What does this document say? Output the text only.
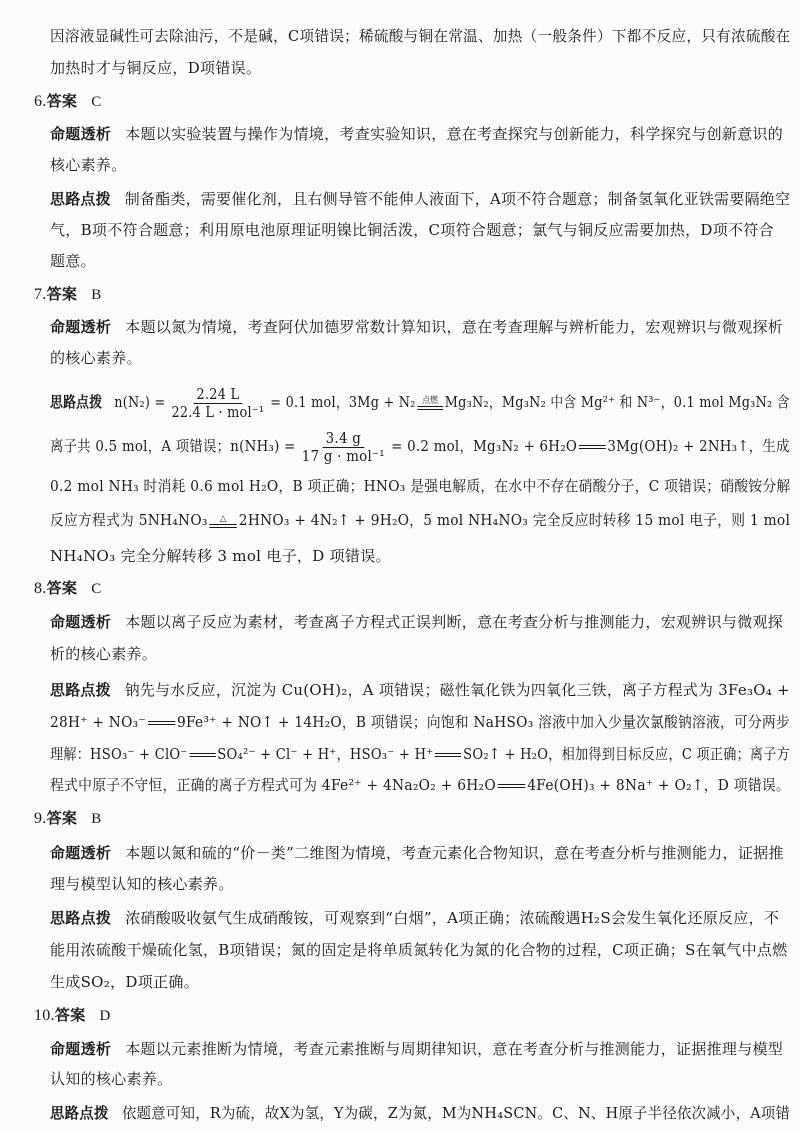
因溶液显碱性可去除油污，不是碱，C项错误；稀硫酸与铜在常温、加热（一般条件）下都不反应，只有浓硫酸在
加热时才与铜反应，D项错误。
6.答案 C
命题透析 本题以实验装置与操作为情境，考查实验知识，意在考查探究与创新能力，科学探究与创新意识的
核心素养。
思路点拨 制备酯类，需要催化剂，且右侧导管不能伸人液面下，A项不符合题意；制备氢氧化亚铁需要隔绝空
气，B项不符合题意；利用原电池原理证明镍比铜活泼，C项符合题意；氯气与铜反应需要加热，D项不符合
题意。
7.答案 B
命题透析 本题以氮为情境，考查阿伏加德罗常数计算知识，意在考查理解与辨析能力，宏观辨识与微观探析
的核心素养。
思路点拨 $n(N_2) = \frac{2.24 L}{\text{22.4 L · mol⁻¹}} = 0.1$ mol，3Mg + N₂ 点燃 Mg₃N₂，Mg₃N₂ 中含 Mg²⁺ 和 N³⁻，0.1 mol Mg₃N₂ 含
离子共 0.5 mol，A 项错误；$n(NH_3) = \frac{3.4 g}{\text{17 g · mol⁻¹}} = 0.2$ mol，Mg₃N₂ + 6H₂O 3Mg(OH)₂ + 2NH₃↑，生成
0.2 mol NH₃ 时消耗 0.6 mol H₂O，B 项正确；HNO₃ 是强电解质，在水中不存在硝酸分子，C 项错误；硝酸铵分解
反应方程式为 5NH₄NO₃ △ 2HNO₃ + 4N₂↑ + 9H₂O，5 mol NH₄NO₃ 完全反应时转移 15 mol 电子，则 1 mol
NH₄NO₃ 完全分解转移 3 mol 电子，D 项错误。
8.答案 C
命题透析 本题以离子反应为素材，考查离子方程式正误判断，意在考查分析与推测能力，宏观辨识与微观探
析的核心素养。
思路点拨 钠先与水反应，沉淀为 Cu(OH)₂，A 项错误；磁性氧化铁为四氧化三铁，离子方程式为 3Fe₃O₄ +
28H⁺ + NO₃⁻ 9Fe³⁺ + NO↑ + 14H₂O，B 项错误；向饱和 NaHSO₃ 溶液中加入少量次氯酸钠溶液，可分两步
理解：HSO₃⁻ + ClO⁻ SO₄²⁻ + Cl⁻ + H⁺，HSO₃⁻ + H⁺ SO₂↑ + H₂O，相加得到目标反应，C 项正确；离子方
程式中原子不守恒，正确的离子方程式可为 4Fe²⁺ + 4Na₂O₂ + 6H₂O 4Fe(OH)₃ + 8Na⁺ + O₂↑，D 项错误。
9.答案 B
命题透析 本题以氮和硫的“价－类”二维图为情境，考查元素化合物知识，意在考查分析与推测能力，证据推
理与模型认知的核心素养。
思路点拨 浓硝酸吸收氨气生成硝酸铵，可观察到“白烟”，A项正确；浓硫酸遇H₂S会发生氧化还原反应，不
能用浓硫酸干燥硫化氢，B项错误；氮的固定是将单质氮转化为氮的化合物的过程，C项正确；S在氧气中点燃
生成SO₂，D项正确。
10.答案 D
命题透析 本题以元素推断为情境，考查元素推断与周期律知识，意在考查分析与推测能力，证据推理与模型
认知的核心素养。
思路点拨 依题意可知，R为硫，故X为氢，Y为碳，Z为氮，M为NH₄SCN。C、N、H原子半径依次减小，A项错
